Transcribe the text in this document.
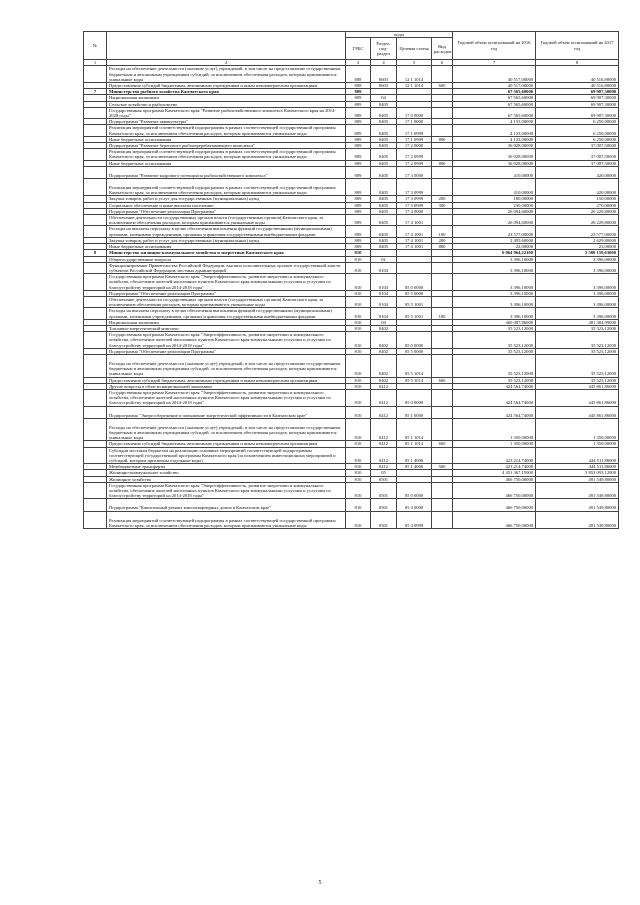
№		коды				Годовой объем ассигнований на 2016 год	Годовой объем ассигнований на 2017 год
		ГРБС	Раздел, под-раздел	Целевая статья	Вид расходов		
1	2	3	4	5	6	7	8
	Расходы на обеспечение деятельности (оказание услуг) учреждений, в том числе на предоставление государственным бюджетным и автономным учреждениям субсидий, за исключением обеспечения расходов, которым присваиваются уникальные коды	808	0603	12 1 1014		40 517,00000	40 516,80000
	Предоставление субсидий бюджетным, автономным учреждениям и иным некоммерческим организациям	808	0603	12 1 1014	600	40 517,00000	40 516,80000
7	Министерство рыбного хозяйства Камчатского края	809				67 565,60000	69 907,30000
	Национальная экономика	809	04			67 565,60000	69 907,30000
	Сельское хозяйство и рыболовство	809	0405			67 565,60000	69 907,30000
	Государственная программа Камчатского края "Развитие рыбохозяйственного комплекса Камчатского края на 2014-2020 годы"	809	0405	17 0 0000		67 565,60000	69 907,30000
	Подпрограмма "Развитие аквакультуры"	809	0405	17 1 0000		4 133,00000	6 250,00000
	Реализация мероприятий соответствующей подпрограммы в рамках соответствующей государственной программы Камчатского края, за исключением обеспечения расходов, которым присваиваются уникальные коды	809	0405	17 1 0999		4 133,00000	6 250,00000
	Иные бюджетные ассигнования	809	0405	17 1 0999	800	4 133,00000	6 250,00000
	Подпрограмма "Развитие берегового рыбоперерабатывающего комплекса"	809	0405	17 2 0000		36 928,00000	37 007,50000
	Реализация мероприятий соответствующей подпрограммы в рамках соответствующей государственной программы Камчатского края, за исключением обеспечения расходов, которым присваиваются уникальные коды	809	0405	17 2 0999		36 928,00000	37 007,50000
	Иные бюджетные ассигнования	809	0405	17 2 0999	800	36 928,00000	37 007,50000
	Подпрограмма "Развитие кадрового потенциала рыбохозяйственного комплекса"	809	0405	17 3 0000		410,00000	420,00000
	Реализация мероприятий соответствующей подпрограммы в рамках соответствующей государственной программы Камчатского края, за исключением обеспечения расходов, которым присваиваются уникальные коды	809	0405	17 3 0999		410,00000	420,00000
	Закупка товаров, работ и услуг для государственных (муниципальных) нужд	809	0405	17 3 0999	200	180,00000	150,00000
	Социальное обеспечение и иные выплаты населению	809	0405	17 3 0999	300	230,00000	270,00000
	Подпрограмма "Обеспечение реализации Программы"	809	0405	17 4 0000		26 094,60000	26 229,80000
	Обеспечение деятельности государственных органов власти (государственных органов) Камчатского края, за исключением обеспечения расходов, которым присваиваются уникальные коды	809	0405	17 4 1001		26 094,60000	26 229,80000
	Расходы на выплаты персоналу в целях обеспечения выполнения функций государственными (муниципальными) органами, казенными учреждениями, органами управления государственными внебюджетными фондами	809	0405	17 4 1001	100	23 577,00000	23 577,00000
	Закупка товаров, работ и услуг для государственных (муниципальных) нужд	809	0405	17 4 1001	200	2 495,60000	2 629,80000
	Иные бюджетные ассигнования	809	0405	17 4 1001	800	22,00000	23,00000
8	Министерство жилищно-коммунального хозяйства и энергетики Камчатского края	810				6 064 964,22100	5 580 159,63000
	Общегосударственные вопросы	810	01			3 396,10000	3 396,00000
	Функционирование Правительства Российской Федерации, высших исполнительных органов государственной власти субъектов Российской Федерации, местных администраций	810	0104			3 396,10000	3 396,00000
	Государственная программа Камчатского края "Энергоэффективность, развитие энергетики и коммунального хозяйства, обеспечение жителей населенных пунктов Камчатского края коммунальными услугами и услугами по благоустройству территорий на 2014-2018 годы"	810	0104	05 0 0000		3 396,10000	3 396,00000
	Подпрограмма "Обеспечение реализации Программы"	810	0104	05 5 0000		3 396,10000	3 396,00000
	Обеспечение деятельности государственных органов власти (государственных органов) Камчатского края, за исключением обеспечения расходов, которым присваиваются уникальные коды	810	0104	05 5 1001		3 396,10000	3 396,00000
	Расходы на выплаты персоналу в целях обеспечения выполнения функций государственными (муниципальными) органами, казенными учреждениями, органами управления государственными внебюджетными фондами	810	0104	05 5 1001	100	3 396,10000	3 396,00000
	Национальная экономика	810	04			460 087,86000	481 384,99000
	Топливно-энергетический комплекс	810	0402			35 523,12000	35 523,12000
	Государственная программа Камчатского края "Энергоэффективность, развитие энергетики и коммунального хозяйства, обеспечение жителей населенных пунктов Камчатского края коммунальными услугами и услугами по благоустройству территорий на 2014-2018 годы"	810	0402	05 0 0000		35 523,12000	35 523,12000
	Подпрограмма "Обеспечение реализации Программы"	810	0402	05 5 0000		35 523,12000	35 523,12000
	Расходы на обеспечение деятельности (оказание услуг) учреждений, в том числе на предоставление государственным бюджетным и автономным учреждениям субсидий, за исключением обеспечения расходов, которым присваиваются уникальные коды	810	0402	05 5 1014		35 523,12000	35 523,12000
	Предоставление субсидий бюджетным, автономным учреждениям и иным некоммерческим организациям	810	0402	05 5 1014	600	35 523,12000	35 523,12000
	Другие вопросы в области национальной экономики	810	0412			424 564,74000	445 861,86000
	Государственная программа Камчатского края "Энергоэффективность, развитие энергетики и коммунального хозяйства, обеспечение жителей населенных пунктов Камчатского края коммунальными услугами и услугами по благоустройству территорий на 2014-2018 годы"	810	0412	05 0 0000		424 564,74000	445 861,86000
	Подпрограмма "Энергосбережение и повышение энергетической эффективности в Камчатском крае"	810	0412	05 1 0000		424 564,74000	445 861,86000
	Расходы на обеспечение деятельности (оказание услуг) учреждений, в том числе на предоставление государственным бюджетным и автономным учреждениям субсидий, за исключением обеспечения расходов, которым присваиваются уникальные коды	810	0412	05 1 1014		1 350,00000	1 350,00000
	Предоставление субсидий бюджетным, автономным учреждениям и иным некоммерческим организациям	810	0412	05 1 1014	600	1 350,00000	1 350,00000
	Субсидии местным бюджетам на реализацию основных мероприятий соответствующей подпрограммы соответствующей государственной программы Камчатского края (за исключением инвестиционных мероприятий и субсидий, которым присвоены отдельные коды)	810	0412	05 1 4006		423 214,74000	444 511,86000
	Межбюджетные трансферты	810	0412	05 1 4006	500	423 214,74000	444 511,86000
	Жилищно-коммунальное хозяйство	810	05			4 451 367,15000	3 853 093,12000
	Жилищное хозяйство	810	0501			466 750,00000	491 549,80000
	Государственная программа Камчатского края "Энергоэффективность, развитие энергетики и коммунального хозяйства, обеспечение жителей населенных пунктов Камчатского края коммунальными услугами и услугами по благоустройству территорий на 2014-2018 годы"	810	0501	05 0 0000		466 750,00000	491 549,80000
	Подпрограмма "Капитальный ремонт многоквартирных домов в Камчатском крае"	810	0501	05 4 0000		466 750,00000	491 549,80000
	Реализация мероприятий соответствующей подпрограммы в рамках соответствующей государственной программы Камчатского края, за исключением обеспечения расходов, которым присваиваются уникальные коды	810	0501	05 4 0999		466 750,00000	491 549,80000
5
